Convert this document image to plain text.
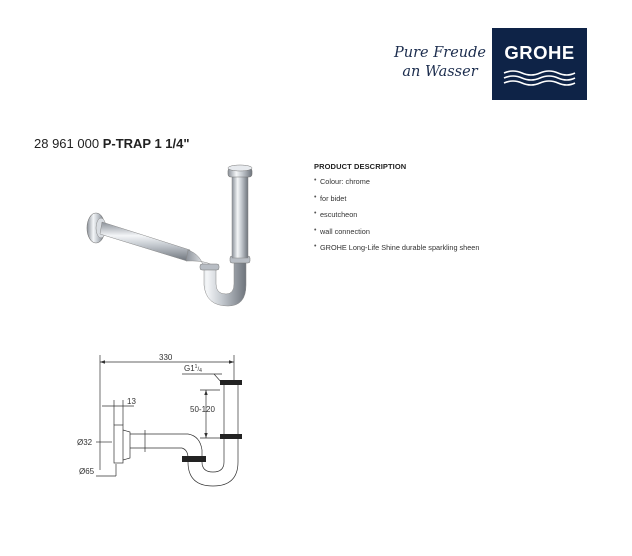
Pure Freude
an Wasser
GROHE
28 961 000 P-TRAP 1 1/4"
PRODUCT DESCRIPTION
• Colour: chrome
• for bidet
• escutcheon
• wall connection
• GROHE Long-Life Shine durable sparkling sheen
330
$G1^1_/4$
13
50-120
Ø32
Ø65
